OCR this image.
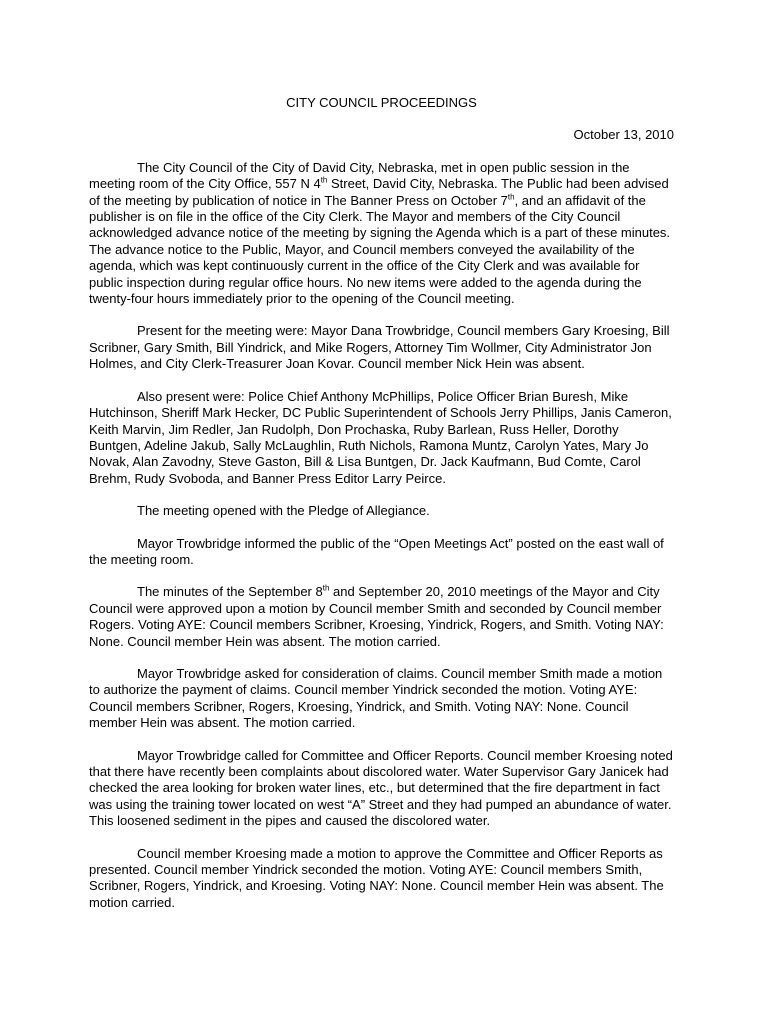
CITY COUNCIL PROCEEDINGS
October 13, 2010

The City Council of the City of David City, Nebraska, met in open public session in the meeting room of the City Office, 557 N 4th Street, David City, Nebraska. The Public had been advised of the meeting by publication of notice in The Banner Press on October 7th, and an affidavit of the publisher is on file in the office of the City Clerk. The Mayor and members of the City Council acknowledged advance notice of the meeting by signing the Agenda which is a part of these minutes. The advance notice to the Public, Mayor, and Council members conveyed the availability of the agenda, which was kept continuously current in the office of the City Clerk and was available for public inspection during regular office hours. No new items were added to the agenda during the twenty-four hours immediately prior to the opening of the Council meeting.

Present for the meeting were: Mayor Dana Trowbridge, Council members Gary Kroesing, Bill Scribner, Gary Smith, Bill Yindrick, and Mike Rogers, Attorney Tim Wollmer, City Administrator Jon Holmes, and City Clerk-Treasurer Joan Kovar. Council member Nick Hein was absent.

Also present were: Police Chief Anthony McPhillips, Police Officer Brian Buresh, Mike Hutchinson, Sheriff Mark Hecker, DC Public Superintendent of Schools Jerry Phillips, Janis Cameron, Keith Marvin, Jim Redler, Jan Rudolph, Don Prochaska, Ruby Barlean, Russ Heller, Dorothy Buntgen, Adeline Jakub, Sally McLaughlin, Ruth Nichols, Ramona Muntz, Carolyn Yates, Mary Jo Novak, Alan Zavodny, Steve Gaston, Bill & Lisa Buntgen, Dr. Jack Kaufmann, Bud Comte, Carol Brehm, Rudy Svoboda, and Banner Press Editor Larry Peirce.

The meeting opened with the Pledge of Allegiance.

Mayor Trowbridge informed the public of the “Open Meetings Act” posted on the east wall of the meeting room.

The minutes of the September 8th and September 20, 2010 meetings of the Mayor and City Council were approved upon a motion by Council member Smith and seconded by Council member Rogers. Voting AYE: Council members Scribner, Kroesing, Yindrick, Rogers, and Smith. Voting NAY: None. Council member Hein was absent. The motion carried.

Mayor Trowbridge asked for consideration of claims. Council member Smith made a motion to authorize the payment of claims. Council member Yindrick seconded the motion. Voting AYE: Council members Scribner, Rogers, Kroesing, Yindrick, and Smith. Voting NAY: None. Council member Hein was absent. The motion carried.

Mayor Trowbridge called for Committee and Officer Reports. Council member Kroesing noted that there have recently been complaints about discolored water. Water Supervisor Gary Janicek had checked the area looking for broken water lines, etc., but determined that the fire department in fact was using the training tower located on west “A” Street and they had pumped an abundance of water. This loosened sediment in the pipes and caused the discolored water.

Council member Kroesing made a motion to approve the Committee and Officer Reports as presented. Council member Yindrick seconded the motion. Voting AYE: Council members Smith, Scribner, Rogers, Yindrick, and Kroesing. Voting NAY: None. Council member Hein was absent. The motion carried.
